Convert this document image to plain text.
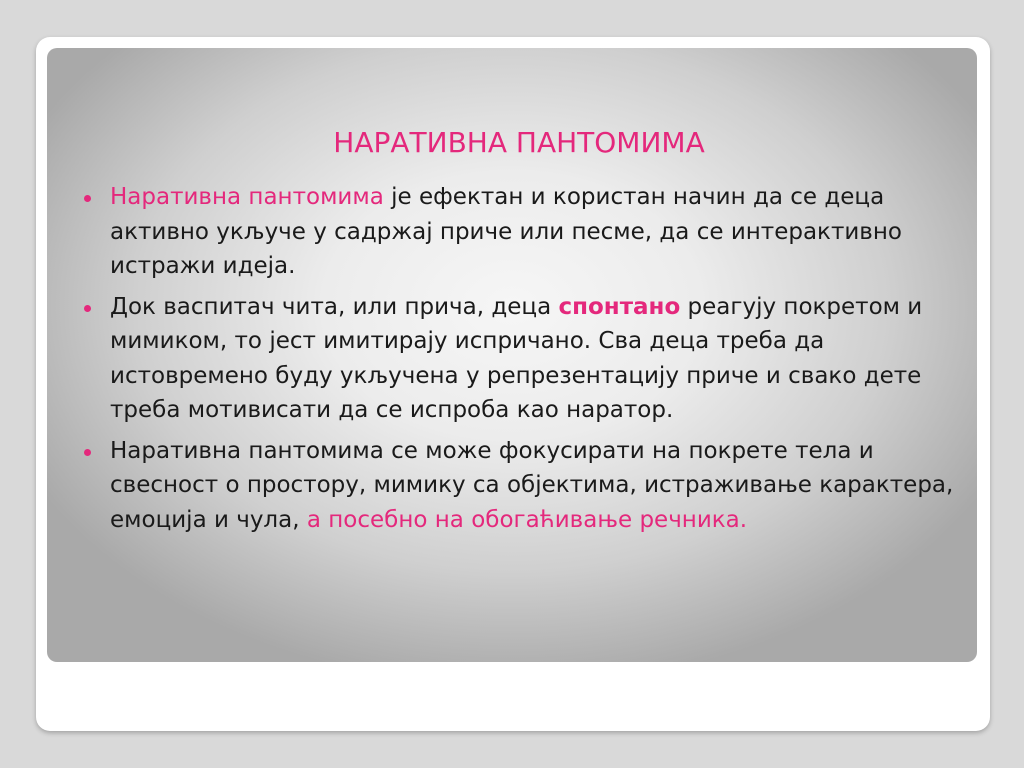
НАРАТИВНА ПАНТОМИМА
Наративна пантомима је ефектан и користан начин да се деца активно укључе у садржај приче или песме, да се интерактивно истражи идеја.
Док васпитач чита, или прича, деца спонтано реагују покретом и мимиком, то јест имитирају испричано. Сва деца треба да истовремено буду укључена у репрезентацију приче и свако дете треба мотивисати да се испроба као наратор.
Наративна пантомима се може фокусирати на покрете тела и свесност о простору, мимику са објектима, истраживање карактера, емоција и чула, а посебно на обогаћивање речника.
